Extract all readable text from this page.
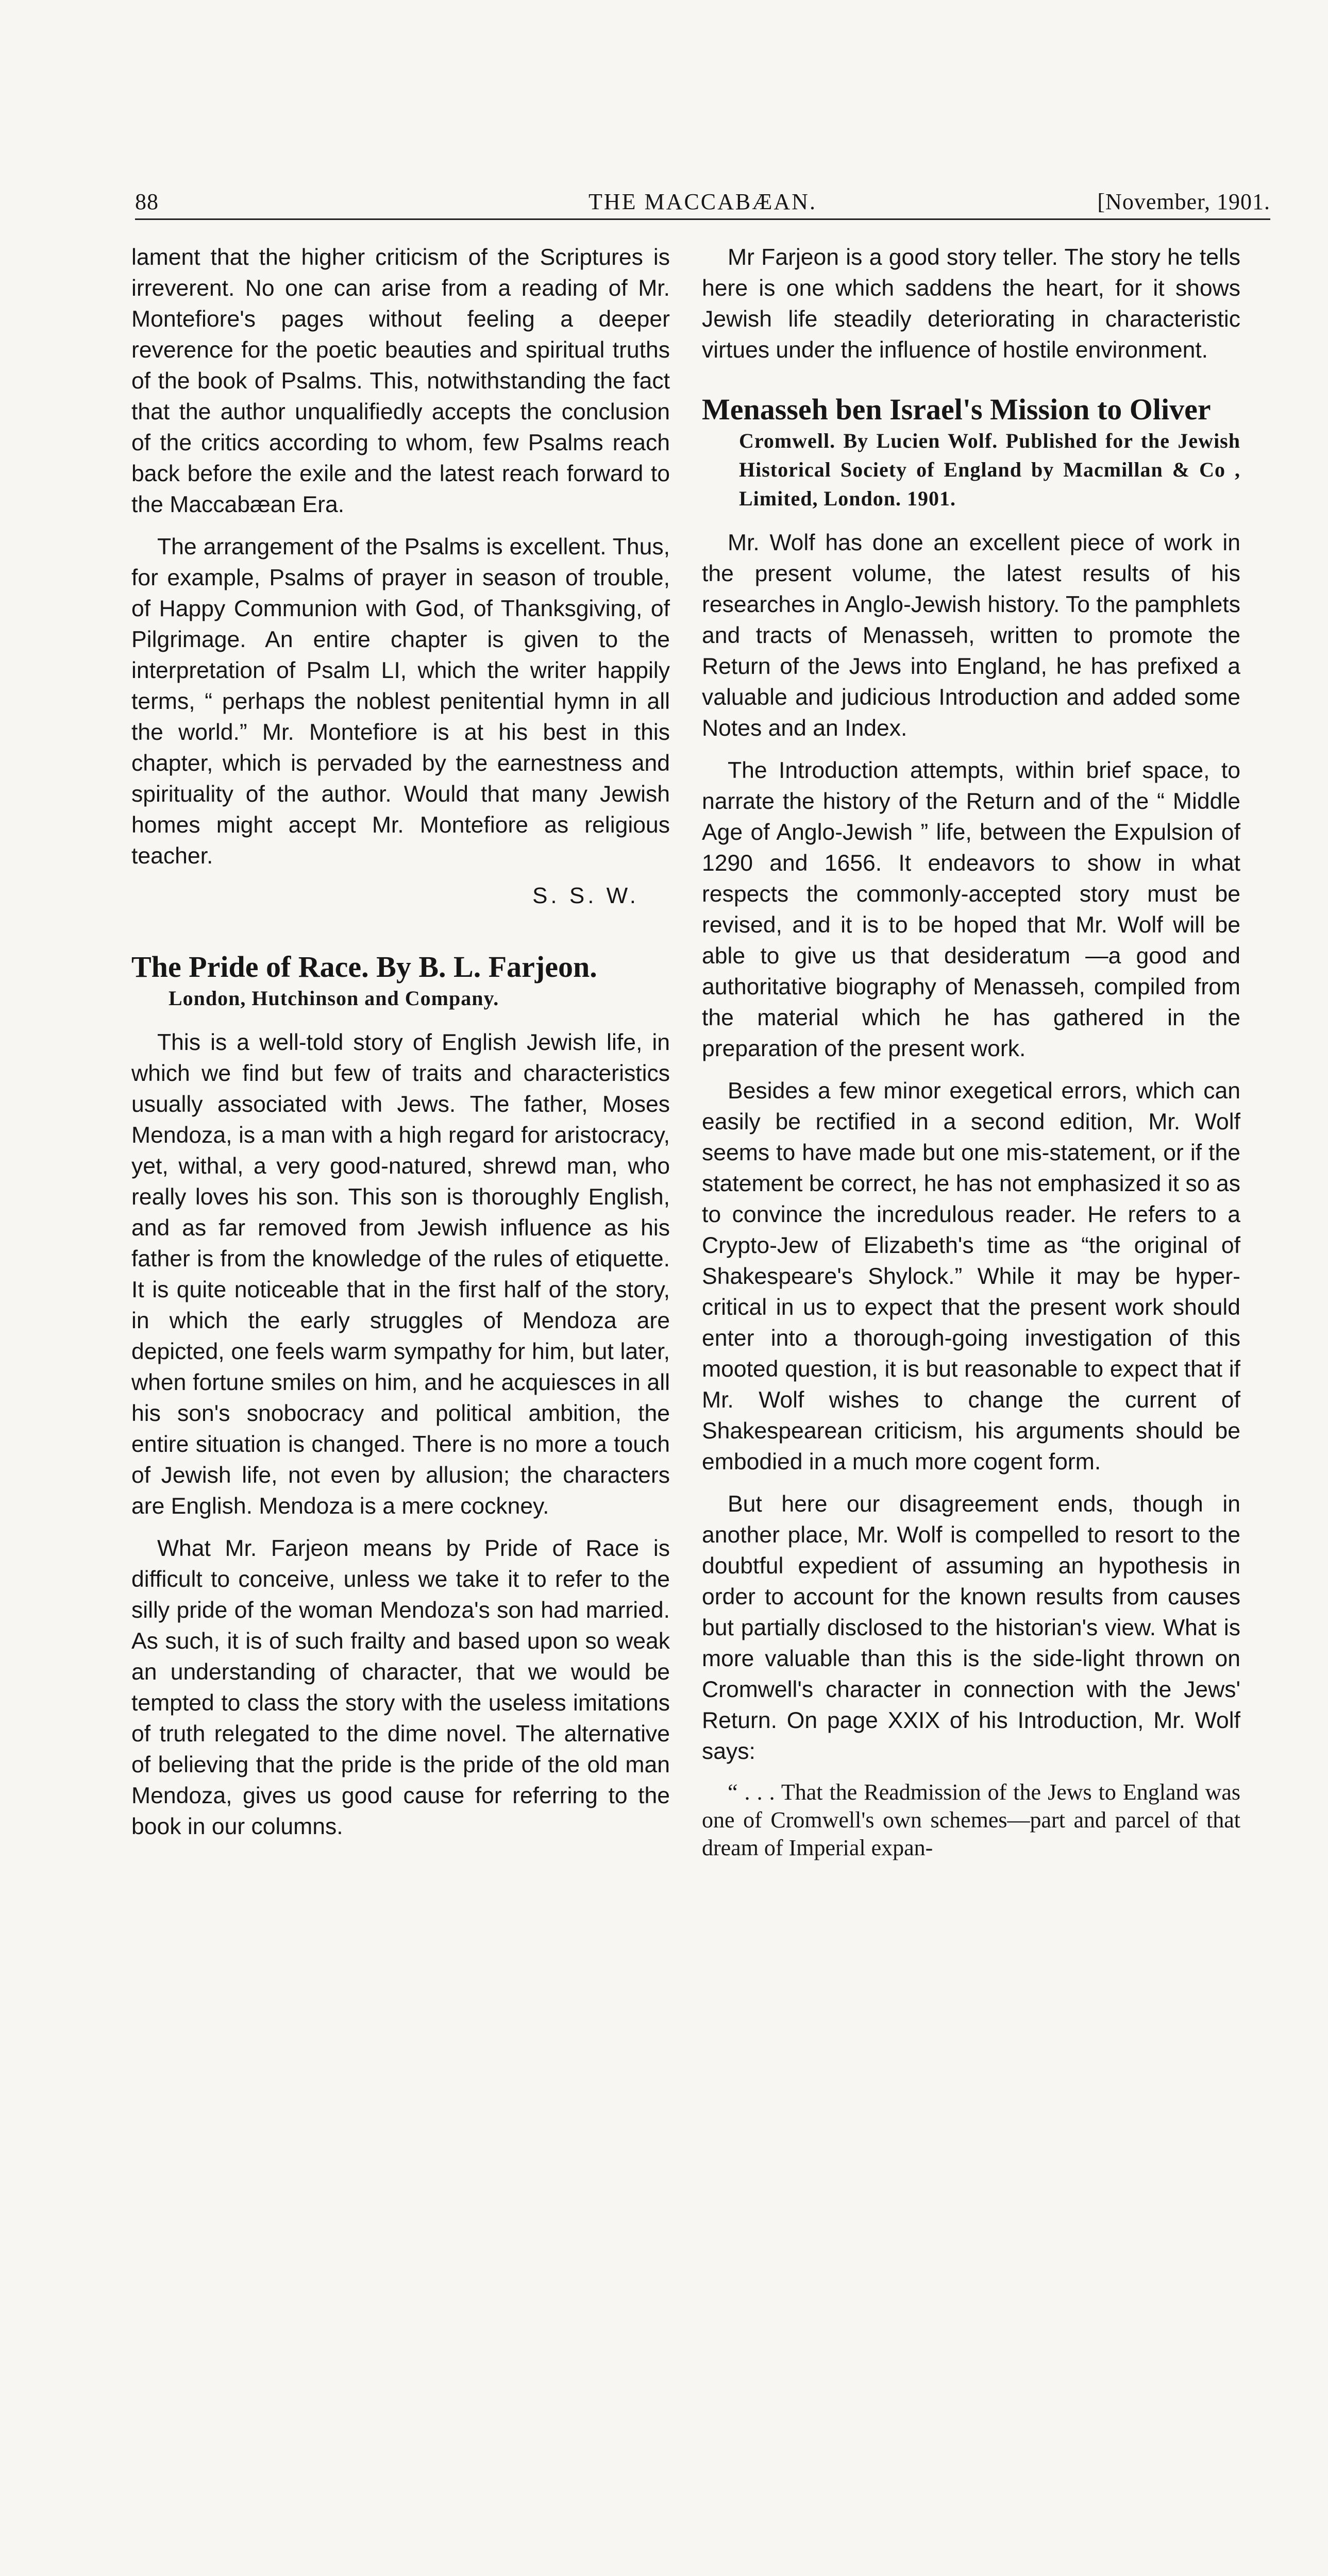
88	THE MACCABÆAN.	[November, 1901.

lament that the higher criticism of the Scriptures is irreverent. No one can arise from a reading of Mr. Montefiore's pages without feeling a deeper reverence for the poetic beauties and spiritual truths of the book of Psalms. This, notwithstanding the fact that the author unqualifiedly accepts the conclusion of the critics according to whom, few Psalms reach back before the exile and the latest reach forward to the Maccabæan Era.

The arrangement of the Psalms is excellent. Thus, for example, Psalms of prayer in season of trouble, of Happy Communion with God, of Thanksgiving, of Pilgrimage. An entire chapter is given to the interpretation of Psalm LI, which the writer happily terms, “ perhaps the noblest penitential hymn in all the world.” Mr. Montefiore is at his best in this chapter, which is pervaded by the earnestness and spirituality of the author. Would that many Jewish homes might accept Mr. Montefiore as religious teacher.

S. S. W.
The Pride of Race. By B. L. Farjeon.
London, Hutchinson and Company.

This is a well-told story of English Jewish life, in which we find but few of traits and characteristics usually associated with Jews. The father, Moses Mendoza, is a man with a high regard for aristocracy, yet, withal, a very good-natured, shrewd man, who really loves his son. This son is thoroughly English, and as far removed from Jewish influence as his father is from the knowledge of the rules of etiquette. It is quite noticeable that in the first half of the story, in which the early struggles of Mendoza are depicted, one feels warm sympathy for him, but later, when fortune smiles on him, and he acquiesces in all his son's snobocracy and political ambition, the entire situation is changed. There is no more a touch of Jewish life, not even by allusion; the characters are English. Mendoza is a mere cockney.

What Mr. Farjeon means by Pride of Race is difficult to conceive, unless we take it to refer to the silly pride of the woman Mendoza's son had married. As such, it is of such frailty and based upon so weak an understanding of character, that we would be tempted to class the story with the useless imitations of truth relegated to the dime novel. The alternative of believing that the pride is the pride of the old man Mendoza, gives us good cause for referring to the book in our columns.

Mr Farjeon is a good story teller. The story he tells here is one which saddens the heart, for it shows Jewish life steadily deteriorating in characteristic virtues under the influence of hostile environment.

Menasseh ben Israel's Mission to Oliver
Cromwell. By Lucien Wolf. Published for the Jewish Historical Society of England by Macmillan & Co , Limited, London. 1901.

Mr. Wolf has done an excellent piece of work in the present volume, the latest results of his researches in Anglo-Jewish history. To the pamphlets and tracts of Menasseh, written to promote the Return of the Jews into England, he has prefixed a valuable and judicious Introduction and added some Notes and an Index.

The Introduction attempts, within brief space, to narrate the history of the Return and of the “ Middle Age of Anglo-Jewish ” life, between the Expulsion of 1290 and 1656. It endeavors to show in what respects the commonly-accepted story must be revised, and it is to be hoped that Mr. Wolf will be able to give us that desideratum —a good and authoritative biography of Menasseh, compiled from the material which he has gathered in the preparation of the present work.

Besides a few minor exegetical errors, which can easily be rectified in a second edition, Mr. Wolf seems to have made but one mis-statement, or if the statement be correct, he has not emphasized it so as to convince the incredulous reader. He refers to a Crypto-Jew of Elizabeth's time as “the original of Shakespeare's Shylock.” While it may be hyper-critical in us to expect that the present work should enter into a thorough-going investigation of this mooted question, it is but reasonable to expect that if Mr. Wolf wishes to change the current of Shakespearean criticism, his arguments should be embodied in a much more cogent form.

But here our disagreement ends, though in another place, Mr. Wolf is compelled to resort to the doubtful expedient of assuming an hypothesis in order to account for the known results from causes but partially disclosed to the historian's view. What is more valuable than this is the side-light thrown on Cromwell's character in connection with the Jews' Return. On page XXIX of his Introduction, Mr. Wolf says:

“ . . . That the Readmission of the Jews to England was one of Cromwell's own schemes—part and parcel of that dream of Imperial expan-
